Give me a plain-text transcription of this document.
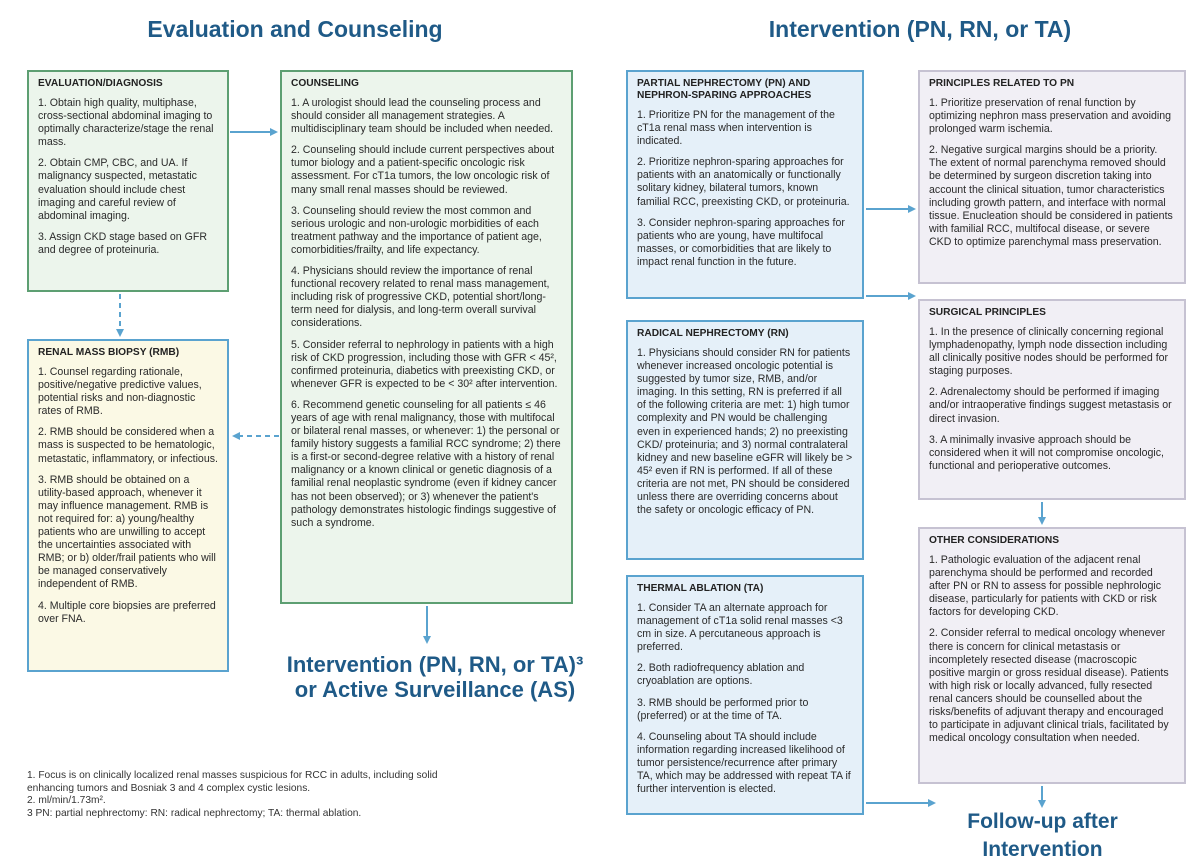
Evaluation and Counseling	Intervention (PN, RN, or TA)
EVALUATION/DIAGNOSIS

1. Obtain high quality, multiphase, cross-sectional abdominal imaging to optimally characterize/stage the renal mass.

2. Obtain CMP, CBC, and UA. If malignancy suspected, metastatic evaluation should include chest imaging and careful review of abdominal imaging.

3. Assign CKD stage based on GFR and degree of proteinuria.

RENAL MASS BIOPSY (RMB)

1. Counsel regarding rationale, positive/negative predictive values, potential risks and non-diagnostic rates of RMB.

2. RMB should be considered when a mass is suspected to be hematologic, metastatic, inflammatory, or infectious.

3. RMB should be obtained on a utility-based approach, whenever it may influence management. RMB is not required for: a) young/healthy patients who are unwilling to accept the uncertainties associated with RMB; or b) older/frail patients who will be managed conservatively independent of RMB.

4. Multiple core biopsies are preferred over FNA.

COUNSELING

1. A urologist should lead the counseling process and should consider all management strategies. A multidisciplinary team should be included when needed.

2. Counseling should include current perspectives about tumor biology and a patient-specific oncologic risk assessment. For cT1a tumors, the low oncologic risk of many small renal masses should be reviewed.

3. Counseling should review the most common and serious urologic and non-urologic morbidities of each treatment pathway and the importance of patient age, comorbidities/frailty, and life expectancy.

4. Physicians should review the importance of renal functional recovery related to renal mass management, including risk of progressive CKD, potential short/long-term need for dialysis, and long-term overall survival considerations.

5. Consider referral to nephrology in patients with a high risk of CKD progression, including those with GFR < 45², confirmed proteinuria, diabetics with preexisting CKD, or whenever GFR is expected to be < 30² after intervention.

6. Recommend genetic counseling for all patients ≤ 46 years of age with renal malignancy, those with multifocal or bilateral renal masses, or whenever: 1) the personal or family history suggests a familial RCC syndrome; 2) there is a first-or second-degree relative with a history of renal malignancy or a known clinical or genetic diagnosis of a familial renal neoplastic syndrome (even if kidney cancer has not been observed); or 3) whenever the patient's pathology demonstrates histologic findings suggestive of such a syndrome.

Intervention (PN, RN, or TA)³
or Active Surveillance (AS)
1. Focus is on clinically localized renal masses suspicious for RCC in adults, including solid enhancing tumors and Bosniak 3 and 4 complex cystic lesions.
2. ml/min/1.73m².
3 PN: partial nephrectomy: RN: radical nephrectomy; TA: thermal ablation.
PARTIAL NEPHRECTOMY (PN) AND NEPHRON-SPARING APPROACHES

1. Prioritize PN for the management of the cT1a renal mass when intervention is indicated.

2. Prioritize nephron-sparing approaches for patients with an anatomically or functionally solitary kidney, bilateral tumors, known familial RCC, preexisting CKD, or proteinuria.

3. Consider nephron-sparing approaches for patients who are young, have multifocal masses, or comorbidities that are likely to impact renal function in the future.

RADICAL NEPHRECTOMY (RN)

1. Physicians should consider RN for patients whenever increased oncologic potential is suggested by tumor size, RMB, and/or imaging. In this setting, RN is preferred if all of the following criteria are met: 1) high tumor complexity and PN would be challenging even in experienced hands; 2) no preexisting CKD/ proteinuria; and 3) normal contralateral kidney and new baseline eGFR will likely be > 45² even if RN is performed. If all of these criteria are not met, PN should be considered unless there are overriding concerns about the safety or oncologic efficacy of PN.

THERMAL ABLATION (TA)

1. Consider TA an alternate approach for management of cT1a solid renal masses <3 cm in size. A percutaneous approach is preferred.

2. Both radiofrequency ablation and cryoablation are options.

3. RMB should be performed prior to (preferred) or at the time of TA.

4. Counseling about TA should include information regarding increased likelihood of tumor persistence/recurrence after primary TA, which may be addressed with repeat TA if further intervention is elected.

PRINCIPLES RELATED TO PN

1. Prioritize preservation of renal function by optimizing nephron mass preservation and avoiding prolonged warm ischemia.

2. Negative surgical margins should be a priority. The extent of normal parenchyma removed should be determined by surgeon discretion taking into account the clinical situation, tumor characteristics including growth pattern, and interface with normal tissue. Enucleation should be considered in patients with familial RCC, multifocal disease, or severe CKD to optimize parenchymal mass preservation.

SURGICAL PRINCIPLES

1. In the presence of clinically concerning regional lymphadenopathy, lymph node dissection including all clinically positive nodes should be performed for staging purposes.

2. Adrenalectomy should be performed if imaging and/or intraoperative findings suggest metastasis or direct invasion.

3. A minimally invasive approach should be considered when it will not compromise oncologic, functional and perioperative outcomes.

OTHER CONSIDERATIONS

1. Pathologic evaluation of the adjacent renal parenchyma should be performed and recorded after PN or RN to assess for possible nephrologic disease, particularly for patients with CKD or risk factors for developing CKD.

2. Consider referral to medical oncology whenever there is concern for clinical metastasis or incompletely resected disease (macroscopic positive margin or gross residual disease). Patients with high risk or locally advanced, fully resected renal cancers should be counselled about the risks/benefits of adjuvant therapy and encouraged to participate in adjuvant clinical trials, facilitated by medical oncology consultation when needed.

Follow-up after
Intervention
